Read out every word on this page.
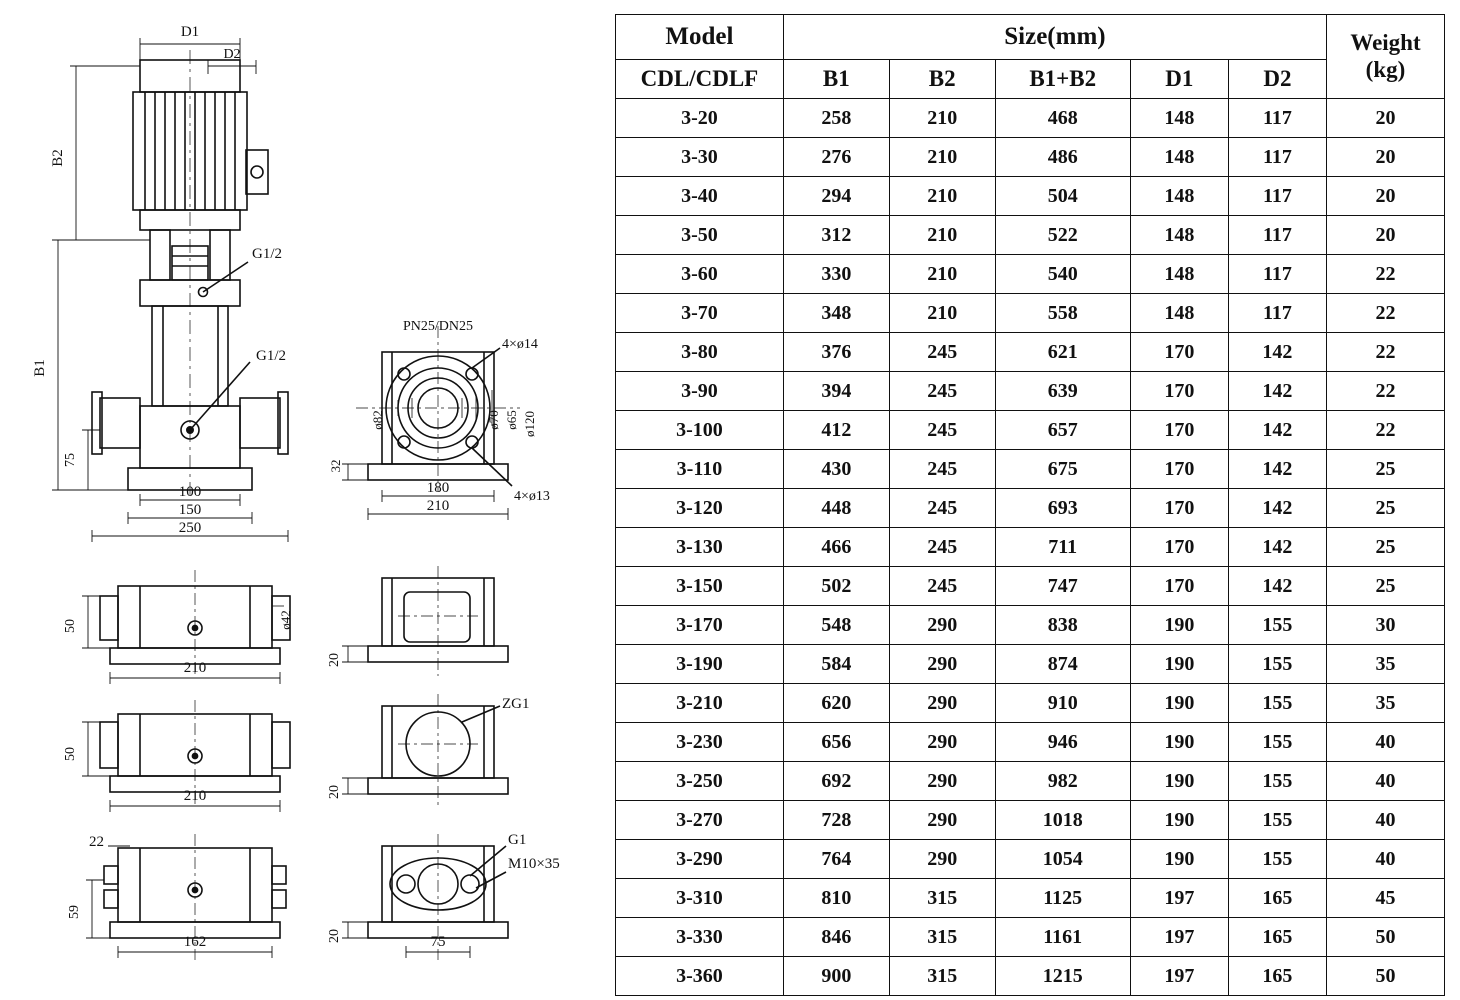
D1
D2
B2
B1
75
G1/2
G1/2
100
150
250
PN25/DN25
4×ø14
4×ø13
ø82	ø70 ø65 ø120
32
180
210
50
210
ø42
20
50
210	20
ZG1
22
59
162	20	75
G1
M10×35
Model	Size(mm)					Weight
(kg)

CDL/CDLF	B1	B2	B1+B2	D1	D2	
3-20	258	210	468	148	117	20
3-30	276	210	486	148	117	20
3-40	294	210	504	148	117	20
3-50	312	210	522	148	117	20
3-60	330	210	540	148	117	22
3-70	348	210	558	148	117	22
3-80	376	245	621	170	142	22
3-90	394	245	639	170	142	22
3-100	412	245	657	170	142	22
3-110	430	245	675	170	142	25
3-120	448	245	693	170	142	25
3-130	466	245	711	170	142	25
3-150	502	245	747	170	142	25
3-170	548	290	838	190	155	30
3-190	584	290	874	190	155	35
3-210	620	290	910	190	155	35
3-230	656	290	946	190	155	40
3-250	692	290	982	190	155	40
3-270	728	290	1018	190	155	40
3-290	764	290	1054	190	155	40
3-310	810	315	1125	197	165	45
3-330	846	315	1161	197	165	50
3-360	900	315	1215	197	165	50
